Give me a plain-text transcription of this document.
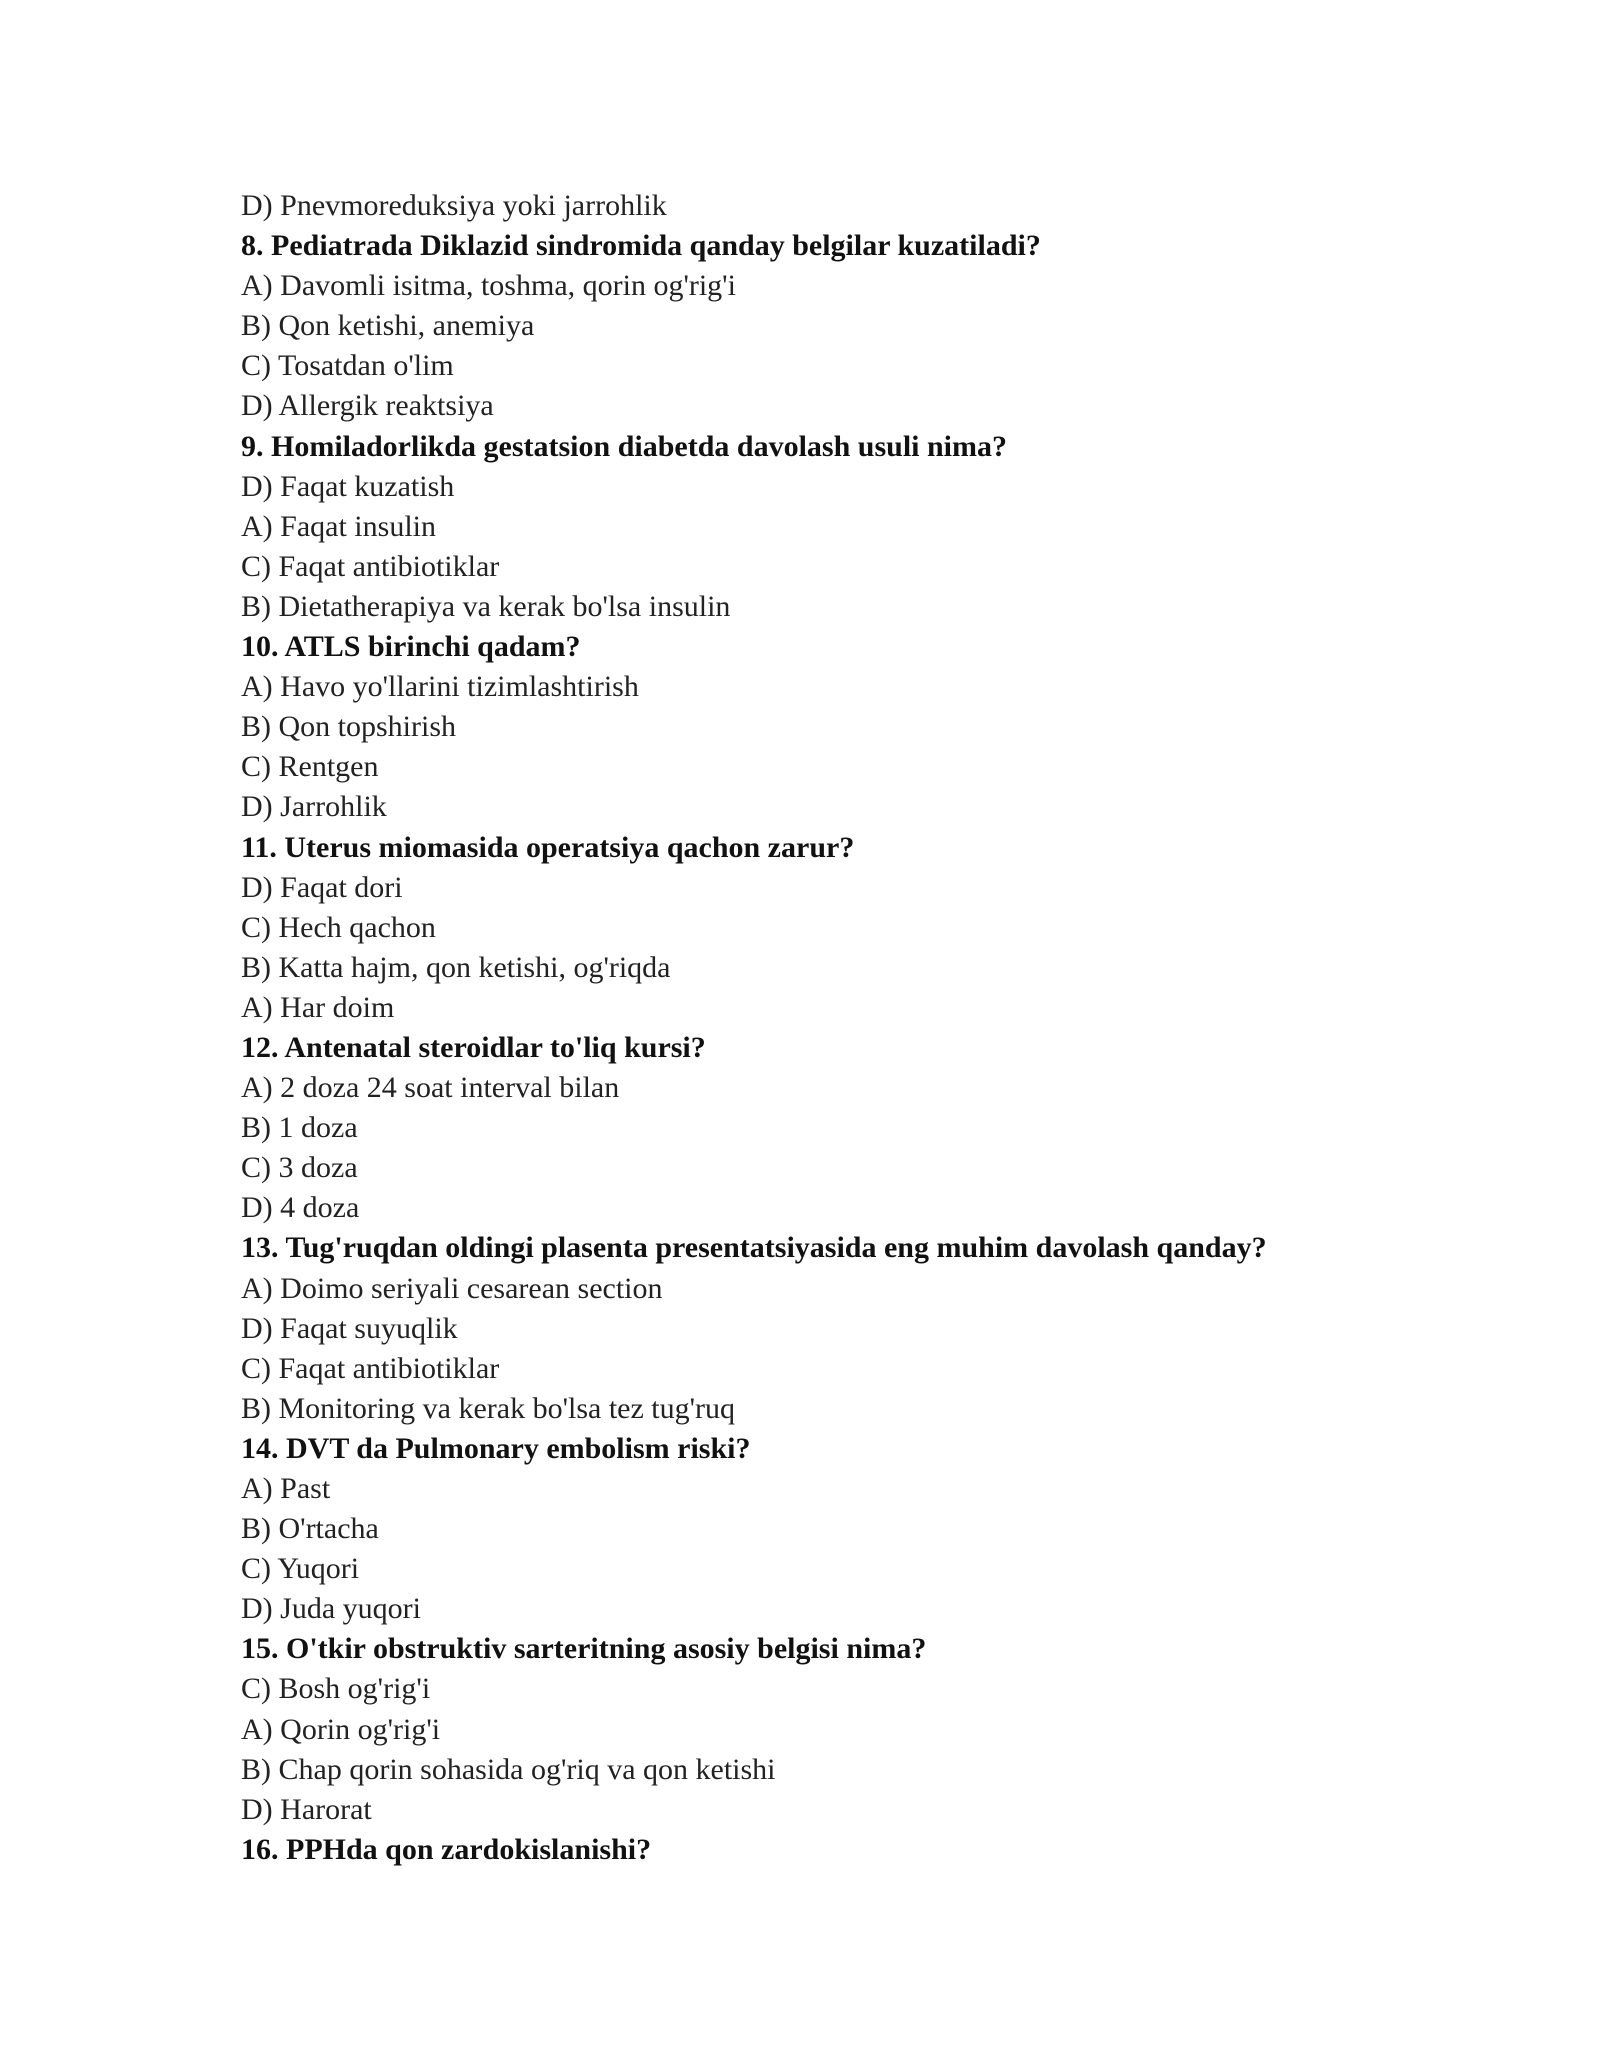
D) Pnevmoreduksiya yoki jarrohlik
8. Pediatrada Diklazid sindromida qanday belgilar kuzatiladi?
A) Davomli isitma, toshma, qorin og'rig'i
B) Qon ketishi, anemiya
C) Tosatdan o'lim
D) Allergik reaktsiya
9. Homiladorlikda gestatsion diabetda davolash usuli nima?
D) Faqat kuzatish
A) Faqat insulin
C) Faqat antibiotiklar
B) Dietatherapiya va kerak bo'lsa insulin
10. ATLS birinchi qadam?
A) Havo yo'llarini tizimlashtirish
B) Qon topshirish
C) Rentgen
D) Jarrohlik
11. Uterus miomasida operatsiya qachon zarur?
D) Faqat dori
C) Hech qachon
B) Katta hajm, qon ketishi, og'riqda
A) Har doim
12. Antenatal steroidlar to'liq kursi?
A) 2 doza 24 soat interval bilan
B) 1 doza
C) 3 doza
D) 4 doza
13. Tug'ruqdan oldingi plasenta presentatsiyasida eng muhim davolash qanday?
A) Doimo seriyali cesarean section
D) Faqat suyuqlik
C) Faqat antibiotiklar
B) Monitoring va kerak bo'lsa tez tug'ruq
14. DVT da Pulmonary embolism riski?
A) Past
B) O'rtacha
C) Yuqori
D) Juda yuqori
15. O'tkir obstruktiv sarteritning asosiy belgisi nima?
C) Bosh og'rig'i
A) Qorin og'rig'i
B) Chap qorin sohasida og'riq va qon ketishi
D) Harorat
16. PPHda qon zardokislanishi?
